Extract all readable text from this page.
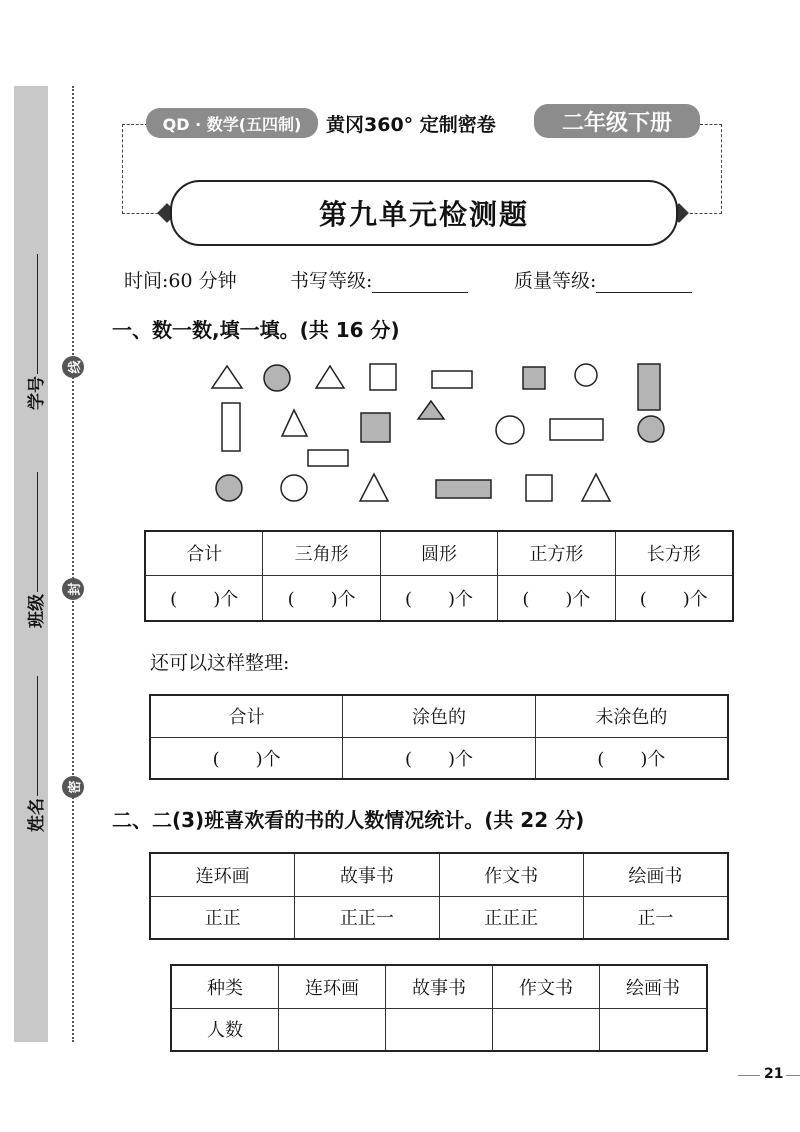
线
封
密
学号
班级
姓名
QD · 数学(五四制)	黄冈360° 定制密卷	二年级下册
第九单元检测题
时间:60 分钟	书写等级:	质量等级:
一、数一数,填一填。(共 16 分)
合计	三角形	圆形	正方形	长方形
(　　)个	(　　)个	(　　)个	(　　)个	(　　)个
还可以这样整理:
合计	涂色的	未涂色的
(　　)个	(　　)个	(　　)个
二、二(3)班喜欢看的书的人数情况统计。(共 22 分)
连环画	故事书	作文书	绘画书
正正	正正一	正正正	正一
种类	连环画	故事书	作文书	绘画书
人数				
21
